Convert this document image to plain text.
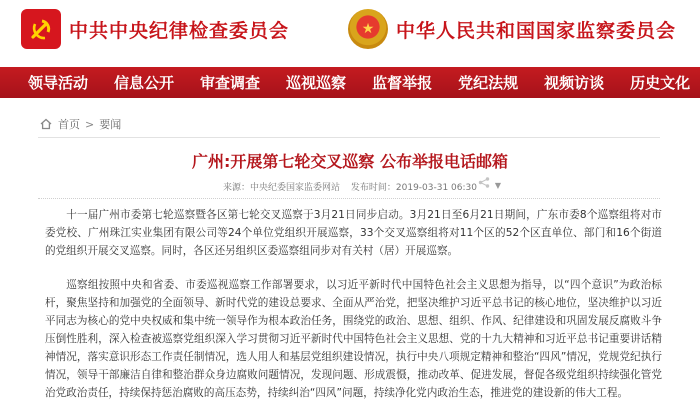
中共中央纪律检查委员会	★	中华人民共和国国家监察委员会
领导活动 信息公开 审查调查 巡视巡察 监督举报 党纪法规 视频访谈 历史文化
首页 > 要闻
广州:开展第七轮交叉巡察 公布举报电话邮箱
来源：中央纪委国家监委网站 发布时间：2019-03-31 06:30	▼

十一届广州市委第七轮巡察暨各区第七轮交叉巡察于3月21日同步启动。3月21日至6月21日期间，广东市委8个巡察组将对市委党校、广州珠江实业集团有限公司等24个单位党组织开展巡察，33个交叉巡察组将对11个区的52个区直单位、部门和16个街道的党组织开展交叉巡察。同时，各区还另组织区委巡察组同步对有关村（居）开展巡察。

巡察组按照中央和省委、市委巡视巡察工作部署要求，以习近平新时代中国特色社会主义思想为指导，以“四个意识”为政治标杆，聚焦坚持和加强党的全面领导、新时代党的建设总要求、全面从严治党，把坚决维护习近平总书记的核心地位，坚决维护以习近平同志为核心的党中央权威和集中统一领导作为根本政治任务，围绕党的政治、思想、组织、作风、纪律建设和巩固发展反腐败斗争压倒性胜利，深入检查被巡察党组织深入学习贯彻习近平新时代中国特色社会主义思想、党的十九大精神和习近平总书记重要讲话精神情况，落实意识形态工作责任制情况，选人用人和基层党组织建设情况，执行中央八项规定精神和整治“四风”情况，党规党纪执行情况，领导干部廉洁自律和整治群众身边腐败问题情况，发现问题、形成震慑，推动改革、促进发展，督促各级党组织持续强化管党治党政治责任，持续保持惩治腐败的高压态势，持续纠治“四风”问题，持续净化党内政治生态，推进党的建设新的伟大工程。
